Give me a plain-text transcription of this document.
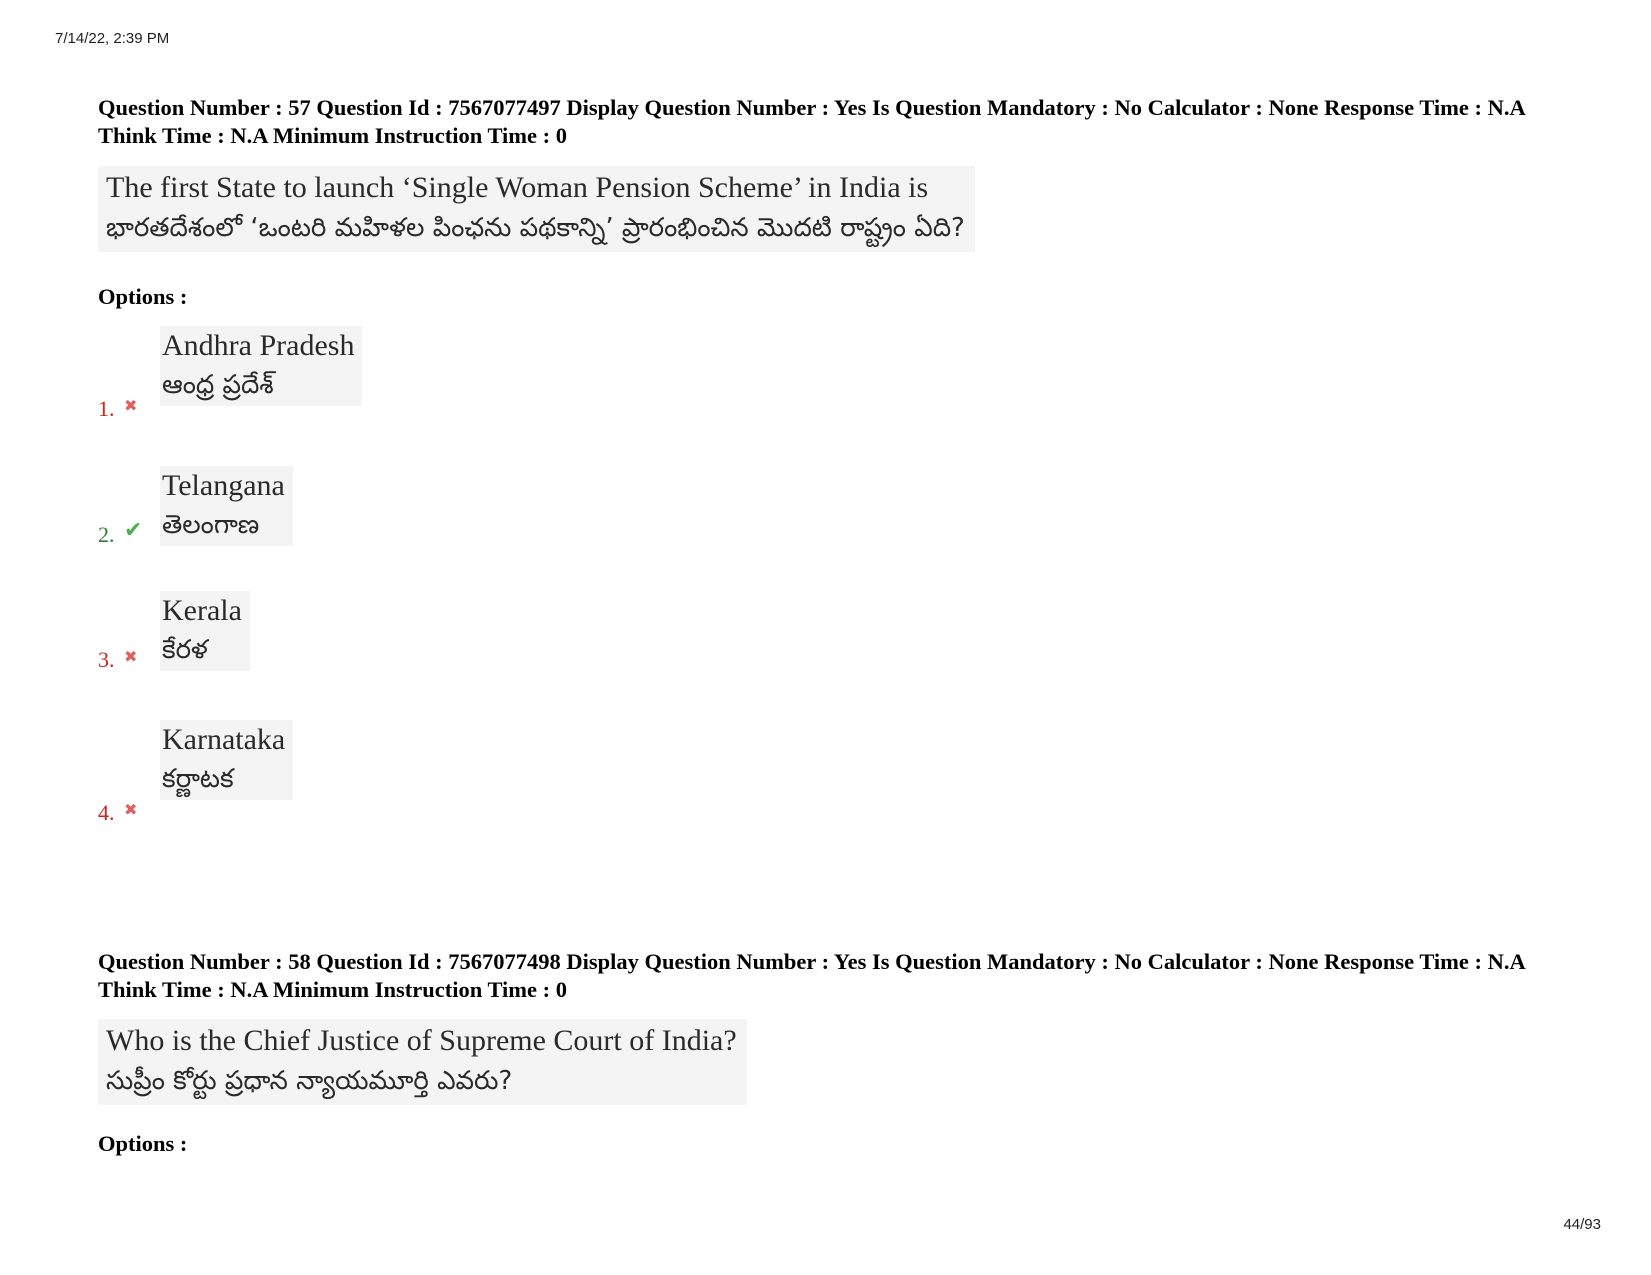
7/14/22, 2:39 PM
Question Number : 57 Question Id : 7567077497 Display Question Number : Yes Is Question Mandatory : No Calculator : None Response Time : N.A Think Time : N.A Minimum Instruction Time : 0
The first State to launch ‘Single Woman Pension Scheme’ in India is
భారతదేశంలో ‘ఒంటరి మహిళల పింఛను పథకాన్ని’ ప్రారంభించిన మొదటి రాష్ట్రం ఏది?
Options :
Andhra Pradesh
ఆంధ్ర ప్రదేశ్
1. ✖
Telangana
తెలంగాణ
2. ✔
Kerala
కేరళ
3. ✖
Karnataka
కర్ణాటక
4. ✖
Question Number : 58 Question Id : 7567077498 Display Question Number : Yes Is Question Mandatory : No Calculator : None Response Time : N.A Think Time : N.A Minimum Instruction Time : 0
Who is the Chief Justice of Supreme Court of India?
సుప్రీం కోర్టు ప్రధాన న్యాయమూర్తి ఎవరు?
Options :
44/93
